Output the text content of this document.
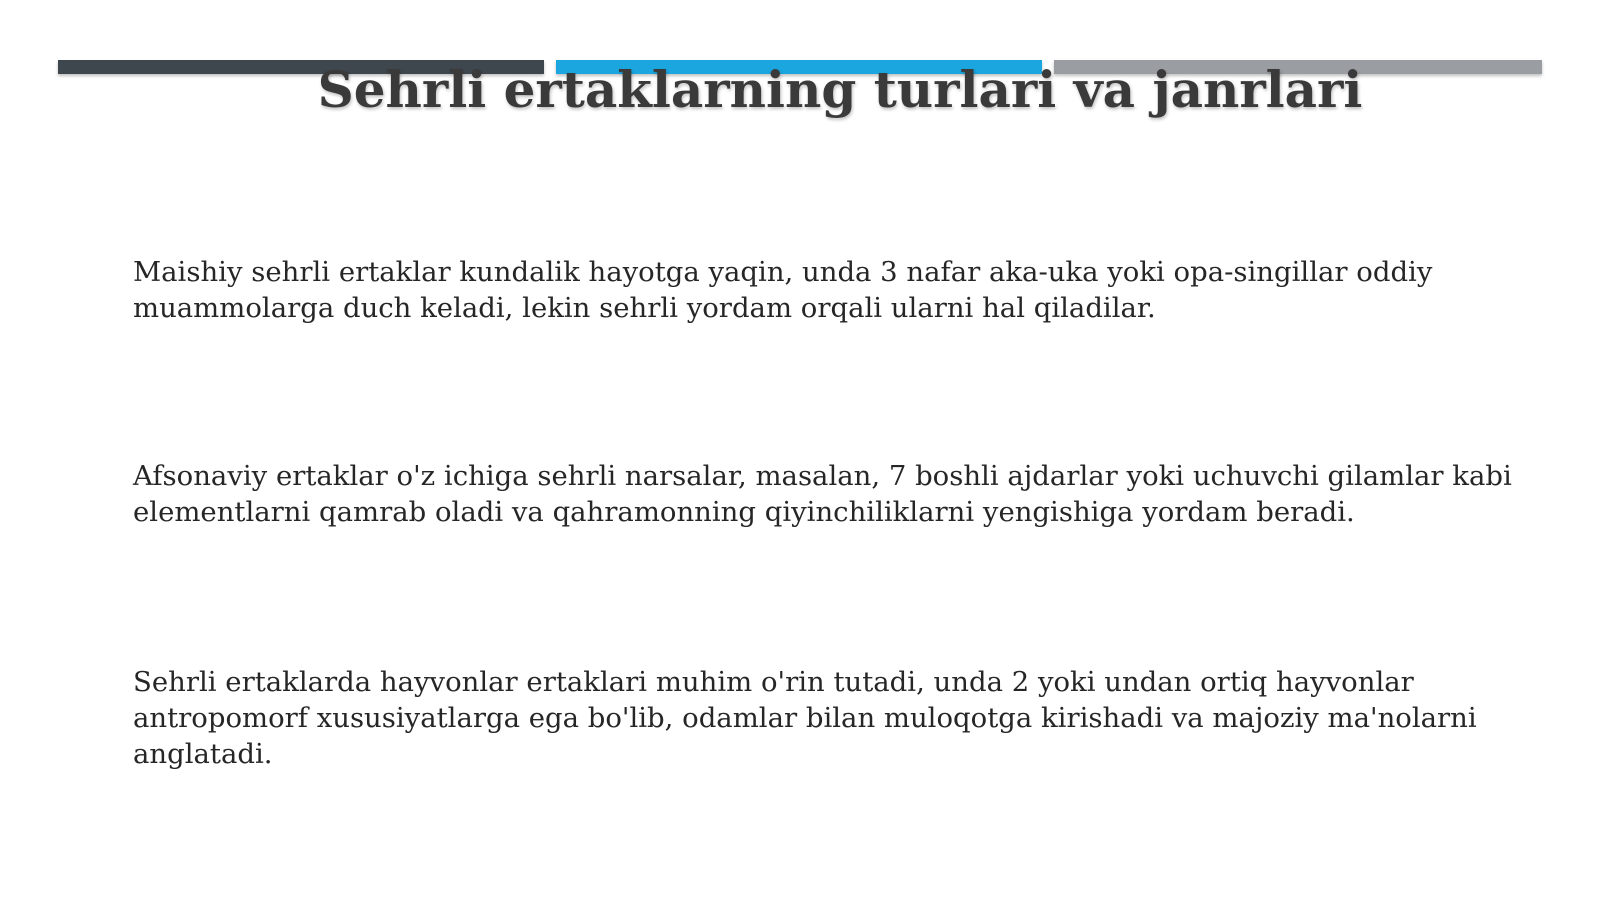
Sehrli ertaklarning turlari va janrlari

Maishiy sehrli ertaklar kundalik hayotga yaqin, unda 3 nafar aka-uka yoki opa-singillar oddiy muammolarga duch keladi, lekin sehrli yordam orqali ularni hal qiladilar.

Afsonaviy ertaklar o'z ichiga sehrli narsalar, masalan, 7 boshli ajdarlar yoki uchuvchi gilamlar kabi elementlarni qamrab oladi va qahramonning qiyinchiliklarni yengishiga yordam beradi.

Sehrli ertaklarda hayvonlar ertaklari muhim o'rin tutadi, unda 2 yoki undan ortiq hayvonlar antropomorf xususiyatlarga ega bo'lib, odamlar bilan muloqotga kirishadi va majoziy ma'nolarni anglatadi.
